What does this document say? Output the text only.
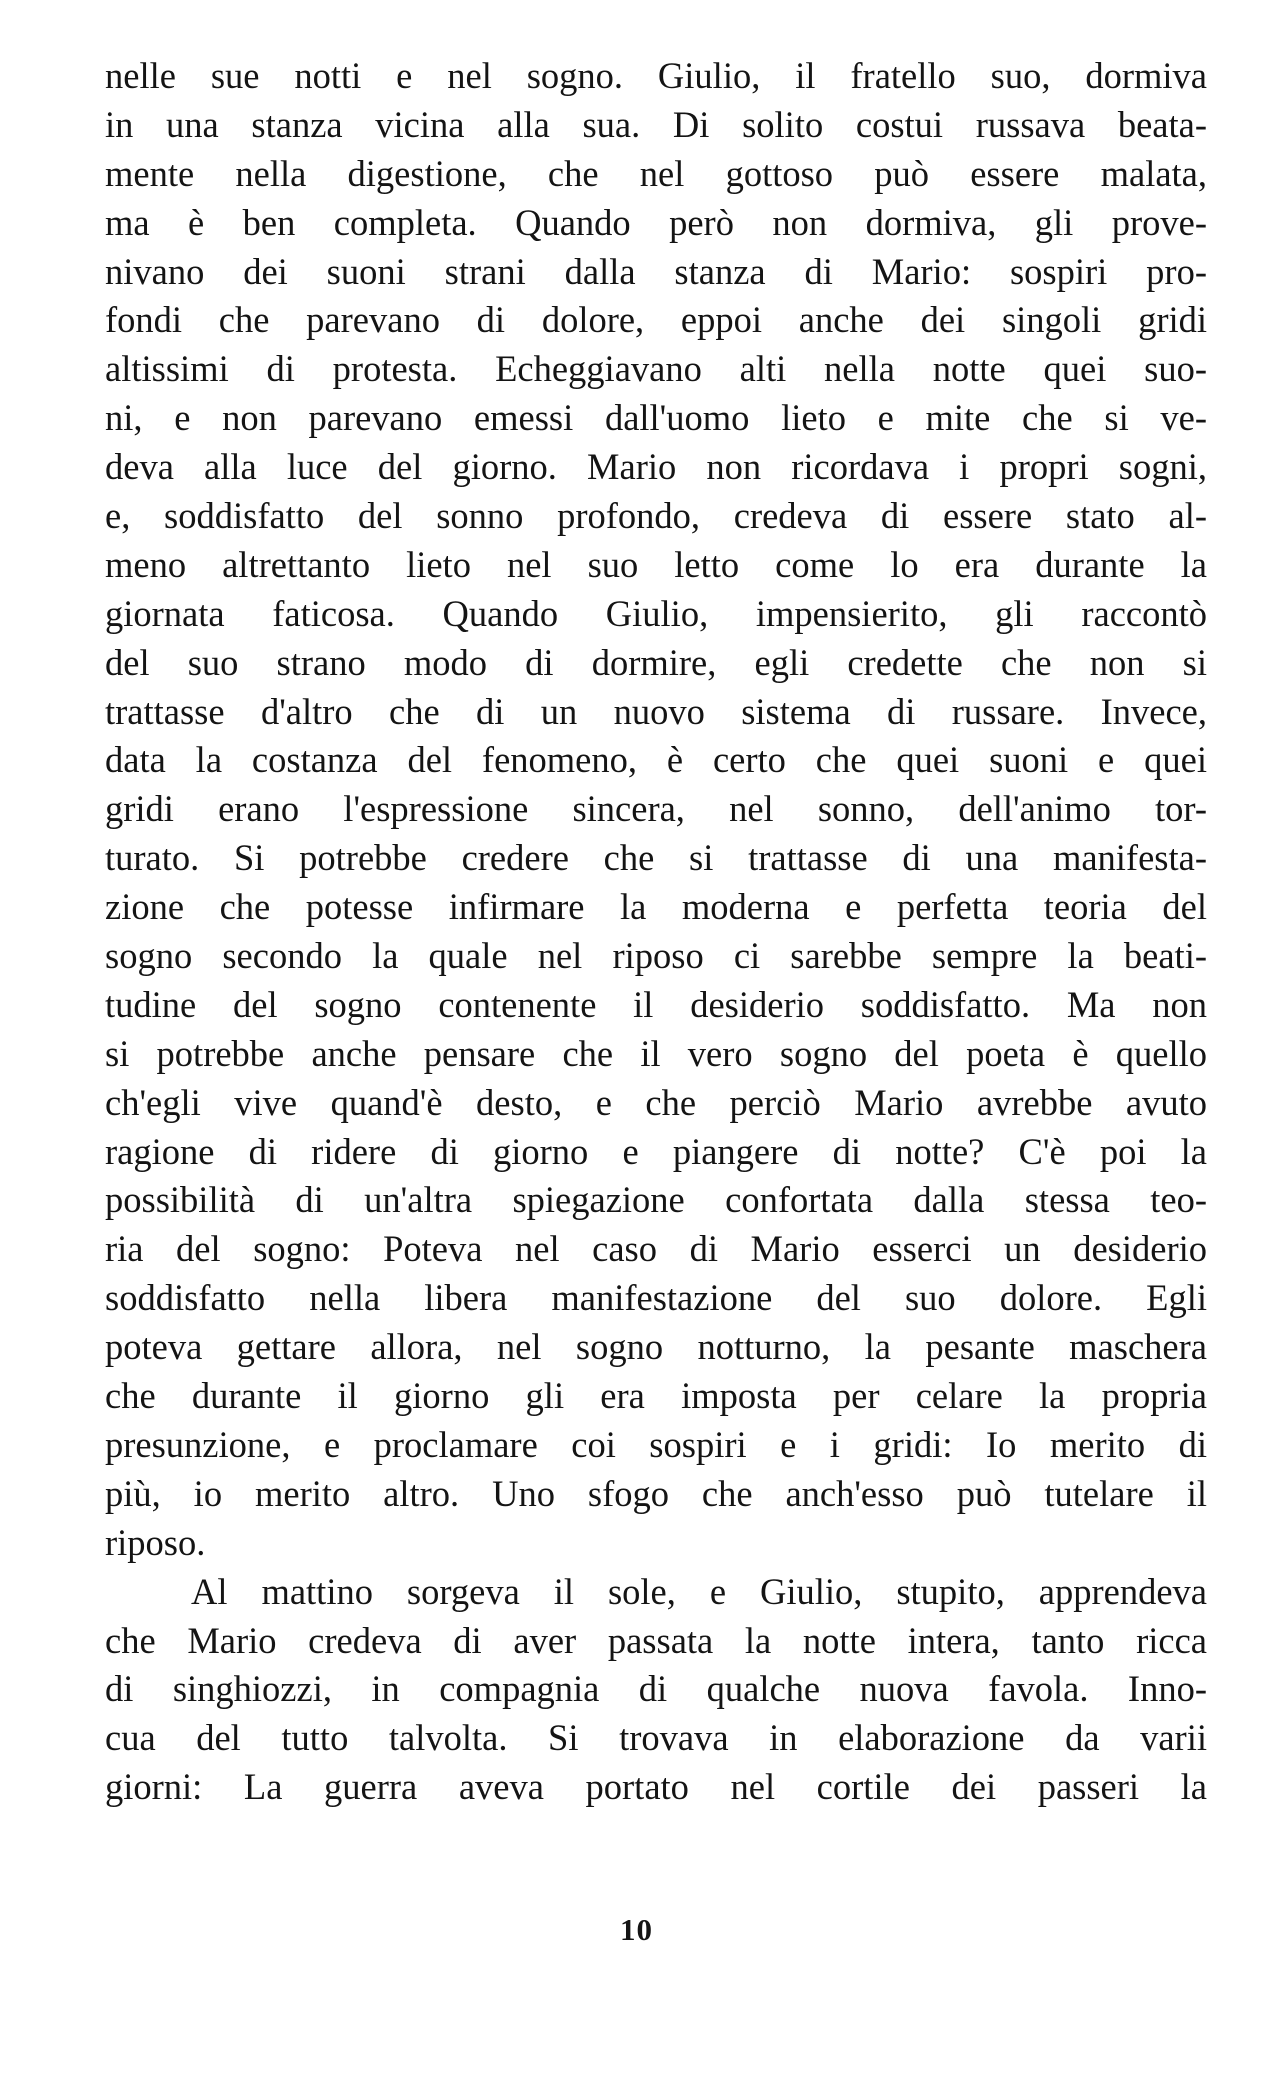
nelle sue notti e nel sogno. Giulio, il fratello suo, dormiva
in una stanza vicina alla sua. Di solito costui russava beata-
mente nella digestione, che nel gottoso può essere malata,
ma è ben completa. Quando però non dormiva, gli prove-
nivano dei suoni strani dalla stanza di Mario: sospiri pro-
fondi che parevano di dolore, eppoi anche dei singoli gridi
altissimi di protesta. Echeggiavano alti nella notte quei suo-
ni, e non parevano emessi dall'uomo lieto e mite che si ve-
deva alla luce del giorno. Mario non ricordava i propri sogni,
e, soddisfatto del sonno profondo, credeva di essere stato al-
meno altrettanto lieto nel suo letto come lo era durante la
giornata faticosa. Quando Giulio, impensierito, gli raccontò
del suo strano modo di dormire, egli credette che non si
trattasse d'altro che di un nuovo sistema di russare. Invece,
data la costanza del fenomeno, è certo che quei suoni e quei
gridi erano l'espressione sincera, nel sonno, dell'animo tor-
turato. Si potrebbe credere che si trattasse di una manifesta-
zione che potesse infirmare la moderna e perfetta teoria del
sogno secondo la quale nel riposo ci sarebbe sempre la beati-
tudine del sogno contenente il desiderio soddisfatto. Ma non
si potrebbe anche pensare che il vero sogno del poeta è quello
ch'egli vive quand'è desto, e che perciò Mario avrebbe avuto
ragione di ridere di giorno e piangere di notte? C'è poi la
possibilità di un'altra spiegazione confortata dalla stessa teo-
ria del sogno: Poteva nel caso di Mario esserci un desiderio
soddisfatto nella libera manifestazione del suo dolore. Egli
poteva gettare allora, nel sogno notturno, la pesante maschera
che durante il giorno gli era imposta per celare la propria
presunzione, e proclamare coi sospiri e i gridi: Io merito di
più, io merito altro. Uno sfogo che anch'esso può tutelare il
riposo.
Al mattino sorgeva il sole, e Giulio, stupito, apprendeva
che Mario credeva di aver passata la notte intera, tanto ricca
di singhiozzi, in compagnia di qualche nuova favola. Inno-
cua del tutto talvolta. Si trovava in elaborazione da varii
giorni: La guerra aveva portato nel cortile dei passeri la
10
